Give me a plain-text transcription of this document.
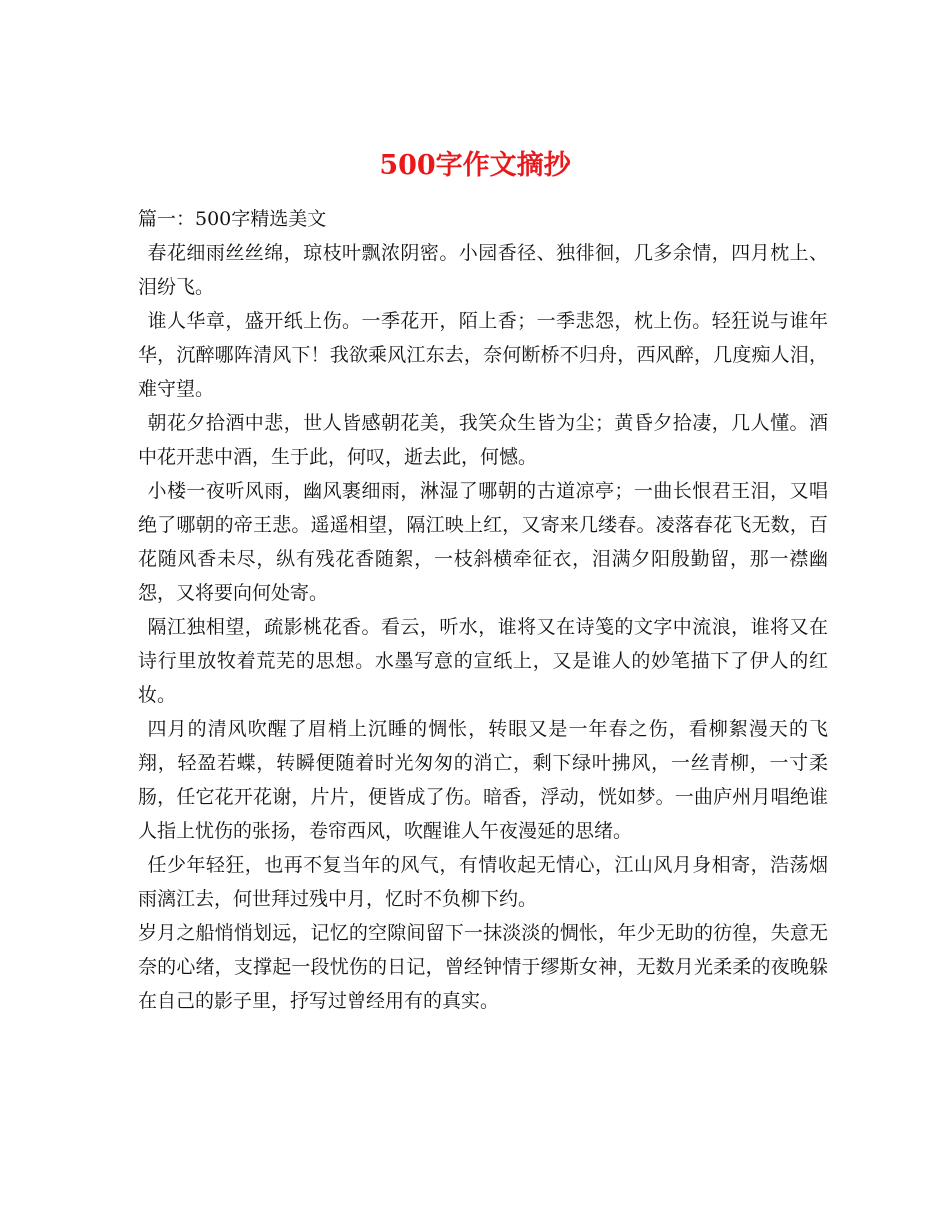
500字作文摘抄

篇一：500字精选美文

春花细雨丝丝绵，琼枝叶飘浓阴密。小园香径、独徘徊，几多余情，四月枕上、泪纷飞。

谁人华章，盛开纸上伤。一季花开，陌上香；一季悲怨，枕上伤。轻狂说与谁年华，沉醉哪阵清风下！我欲乘风江东去，奈何断桥不归舟，西风醉，几度痴人泪，难守望。

朝花夕拾酒中悲，世人皆感朝花美，我笑众生皆为尘；黄昏夕拾凄，几人懂。酒中花开悲中酒，生于此，何叹，逝去此，何憾。

小楼一夜听风雨，幽风裹细雨，淋湿了哪朝的古道凉亭；一曲长恨君王泪，又唱绝了哪朝的帝王悲。遥遥相望，隔江映上红，又寄来几缕春。凌落春花飞无数，百花随风香未尽，纵有残花香随絮，一枝斜横牵征衣，泪满夕阳殷勤留，那一襟幽怨，又将要向何处寄。

隔江独相望，疏影桃花香。看云，听水，谁将又在诗笺的文字中流浪，谁将又在诗行里放牧着荒芜的思想。水墨写意的宣纸上，又是谁人的妙笔描下了伊人的红妆。

四月的清风吹醒了眉梢上沉睡的惆怅，转眼又是一年春之伤，看柳絮漫天的飞翔，轻盈若蝶，转瞬便随着时光匆匆的消亡，剩下绿叶拂风，一丝青柳，一寸柔肠，任它花开花谢，片片，便皆成了伤。暗香，浮动，恍如梦。一曲庐州月唱绝谁人指上忧伤的张扬，卷帘西风，吹醒谁人午夜漫延的思绪。

任少年轻狂，也再不复当年的风气，有情收起无情心，江山风月身相寄，浩荡烟雨漓江去，何世拜过残中月，忆时不负柳下约。

岁月之船悄悄划远，记忆的空隙间留下一抹淡淡的惆怅，年少无助的彷徨，失意无奈的心绪，支撑起一段忧伤的日记，曾经钟情于缪斯女神，无数月光柔柔的夜晚躲在自己的影子里，抒写过曾经用有的真实。
